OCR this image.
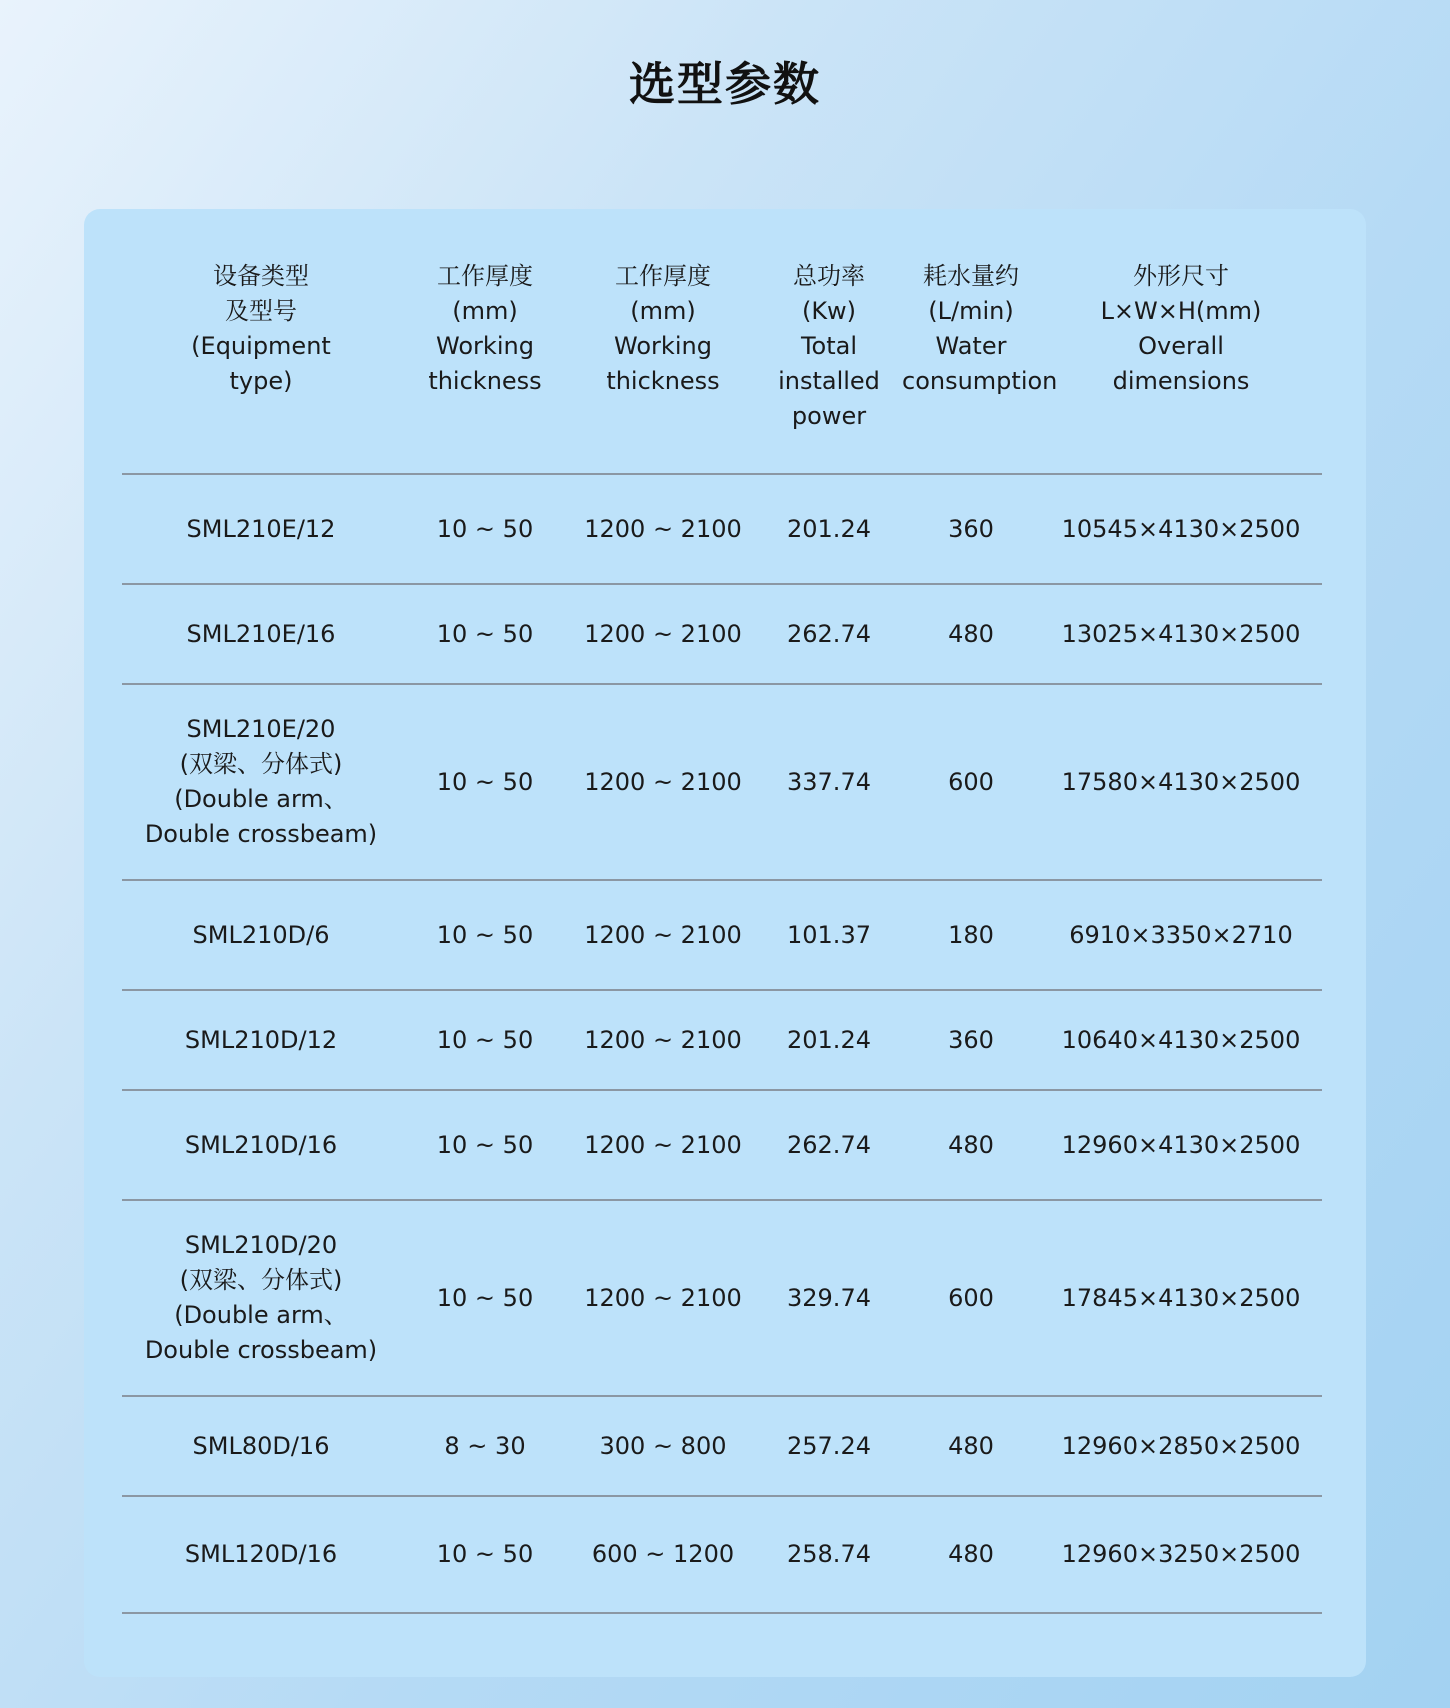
选型参数
设备类型
及型号
(Equipment
type)	工作厚度
(mm)
Working
thickness	工作厚度
(mm)
Working
thickness	总功率
(Kw)
Total
installed
power	耗水量约
(L/min)
Water
consumption	外形尺寸
L×W×H(mm)
Overall
dimensions

SML210E/12	10 ~ 50	1200 ~ 2100	201.24	360	10545×4130×2500

SML210E/16	10 ~ 50	1200 ~ 2100	262.74	480	13025×4130×2500

SML210E/20
(双梁、分体式)
(Double arm、
Double crossbeam)	10 ~ 50	1200 ~ 2100	337.74	600	17580×4130×2500

SML210D/6	10 ~ 50	1200 ~ 2100	101.37	180	6910×3350×2710

SML210D/12	10 ~ 50	1200 ~ 2100	201.24	360	10640×4130×2500

SML210D/16	10 ~ 50	1200 ~ 2100	262.74	480	12960×4130×2500

SML210D/20
(双梁、分体式)
(Double arm、
Double crossbeam)	10 ~ 50	1200 ~ 2100	329.74	600	17845×4130×2500

SML80D/16	8 ~ 30	300 ~ 800	257.24	480	12960×2850×2500

SML120D/16	10 ~ 50	600 ~ 1200	258.74	480	12960×3250×2500
